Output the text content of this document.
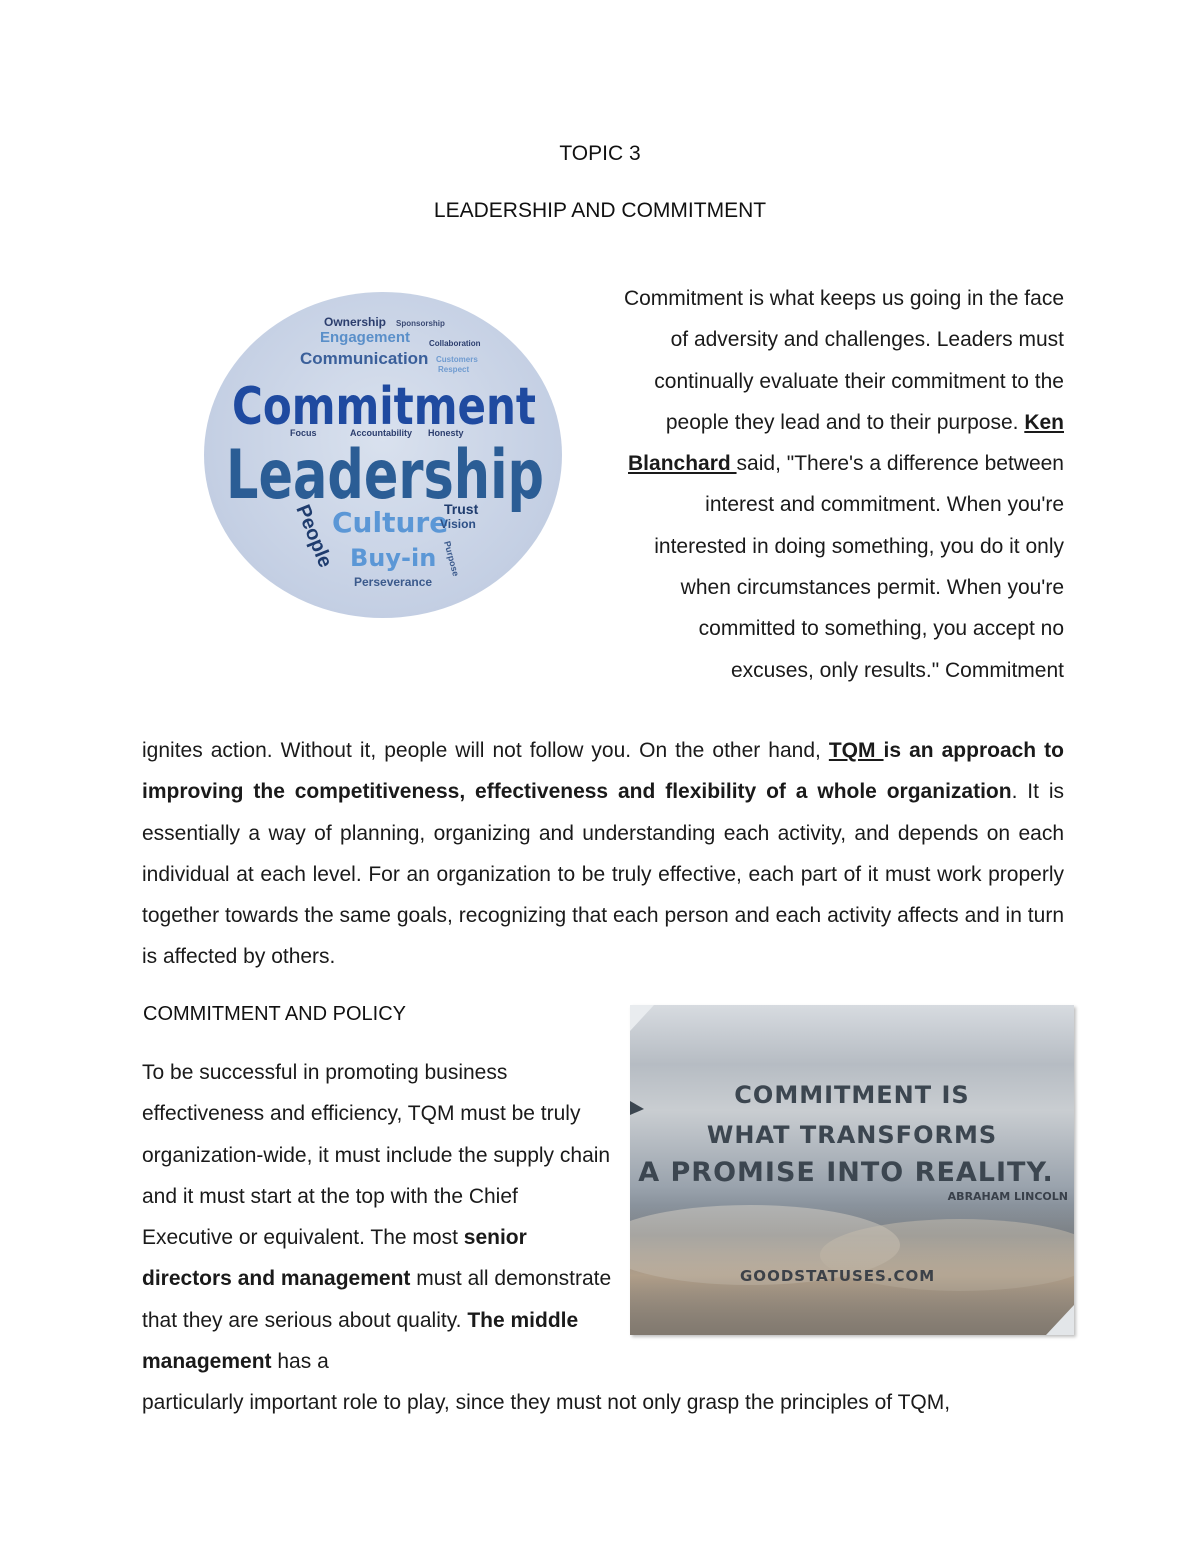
TOPIC 3
LEADERSHIP AND COMMITMENT
Ownership Sponsorship
Engagement Collaboration
Communication Customers
Respect
Commitment
Focus	Accountability Honesty
Leadership
People
Culture
Trust
Vision
Buy-in Purpose
Perseverance
Commitment is what keeps us going in the face of adversity and challenges. Leaders must continually evaluate their commitment to the people they lead and to their purpose. Ken Blanchard said, "There's a difference between interest and commitment. When you're interested in doing something, you do it only when circumstances permit. When you're committed to something, you accept no excuses, only results." Commitment
ignites action. Without it, people will not follow you. On the other hand, TQM is an approach to improving the competitiveness, effectiveness and flexibility of a whole organization. It is essentially a way of planning, organizing and understanding each activity, and depends on each individual at each level. For an organization to be truly effective, each part of it must work properly together towards the same goals, recognizing that each person and each activity affects and in turn is affected by others.
COMMITMENT AND POLICY
To be successful in promoting business effectiveness and efficiency, TQM must be truly organization-wide, it must include the supply chain and it must start at the top with the Chief Executive or equivalent. The most senior directors and management must all demonstrate that they are serious about quality. The middle management has a
particularly important role to play, since they must not only grasp the principles of TQM,
COMMITMENT IS
WHAT TRANSFORMS
A PROMISE INTO REALITY.
ABRAHAM LINCOLN
GOODSTATUSES.COM
